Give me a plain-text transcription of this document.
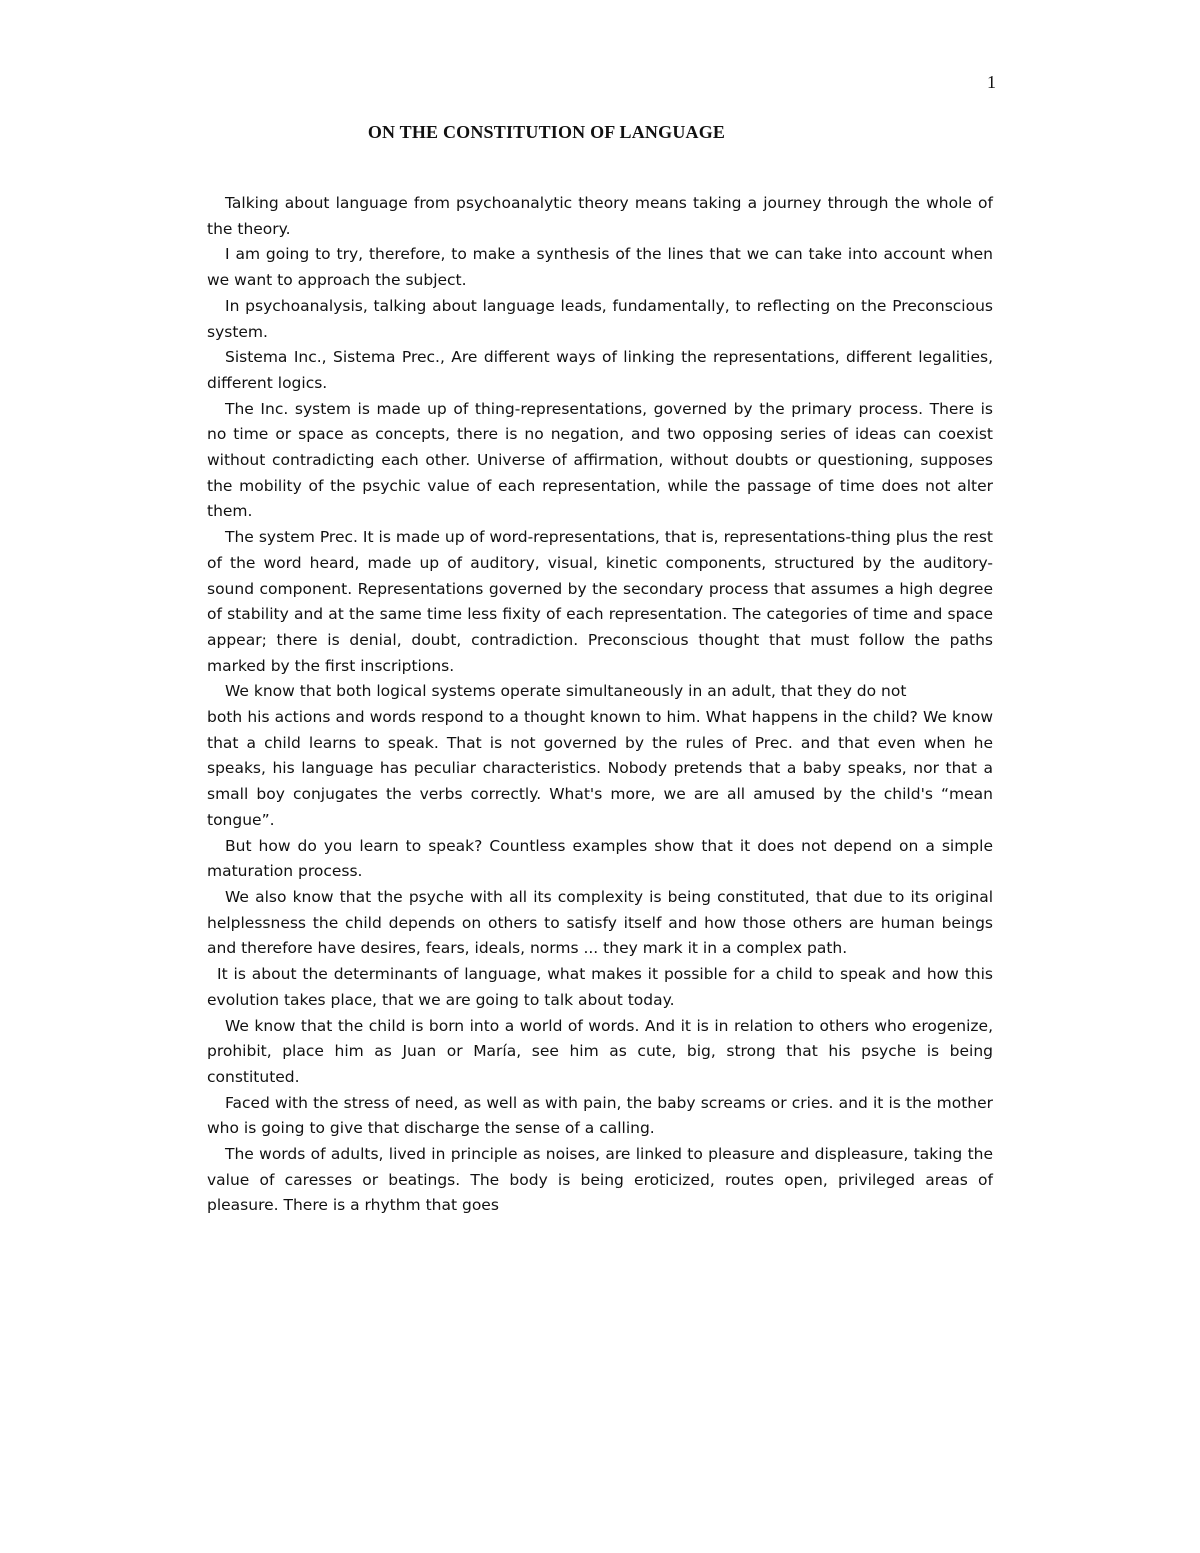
1
ON THE CONSTITUTION OF LANGUAGE

Talking about language from psychoanalytic theory means taking a journey through the whole of the theory.

I am going to try, therefore, to make a synthesis of the lines that we can take into account when we want to approach the subject.

In psychoanalysis, talking about language leads, fundamentally, to reflecting on the Preconscious system.

Sistema Inc., Sistema Prec., Are different ways of linking the representations, different legalities, different logics.

The Inc. system is made up of thing-representations, governed by the primary process. There is no time or space as concepts, there is no negation, and two opposing series of ideas can coexist without contradicting each other. Universe of affirmation, without doubts or questioning, supposes the mobility of the psychic value of each representation, while the passage of time does not alter them.

The system Prec. It is made up of word-representations, that is, representations-thing plus the rest of the word heard, made up of auditory, visual, kinetic components, structured by the auditory-sound component. Representations governed by the secondary process that assumes a high degree of stability and at the same time less fixity of each representation. The categories of time and space appear; there is denial, doubt, contradiction. Preconscious thought that must follow the paths marked by the first inscriptions.

We know that both logical systems operate simultaneously in an adult, that they do not

both his actions and words respond to a thought known to him. What happens in the child? We know that a child learns to speak. That is not governed by the rules of Prec. and that even when he speaks, his language has peculiar characteristics. Nobody pretends that a baby speaks, nor that a small boy conjugates the verbs correctly. What's more, we are all amused by the child's “mean tongue”.

But how do you learn to speak? Countless examples show that it does not depend on a simple maturation process.

We also know that the psyche with all its complexity is being constituted, that due to its original helplessness the child depends on others to satisfy itself and how those others are human beings and therefore have desires, fears, ideals, norms ... they mark it in a complex path.

It is about the determinants of language, what makes it possible for a child to speak and how this evolution takes place, that we are going to talk about today.

We know that the child is born into a world of words. And it is in relation to others who erogenize, prohibit, place him as Juan or María, see him as cute, big, strong that his psyche is being constituted.

Faced with the stress of need, as well as with pain, the baby screams or cries. and it is the mother who is going to give that discharge the sense of a calling.

The words of adults, lived in principle as noises, are linked to pleasure and displeasure, taking the value of caresses or beatings. The body is being eroticized, routes open, privileged areas of pleasure. There is a rhythm that goes
